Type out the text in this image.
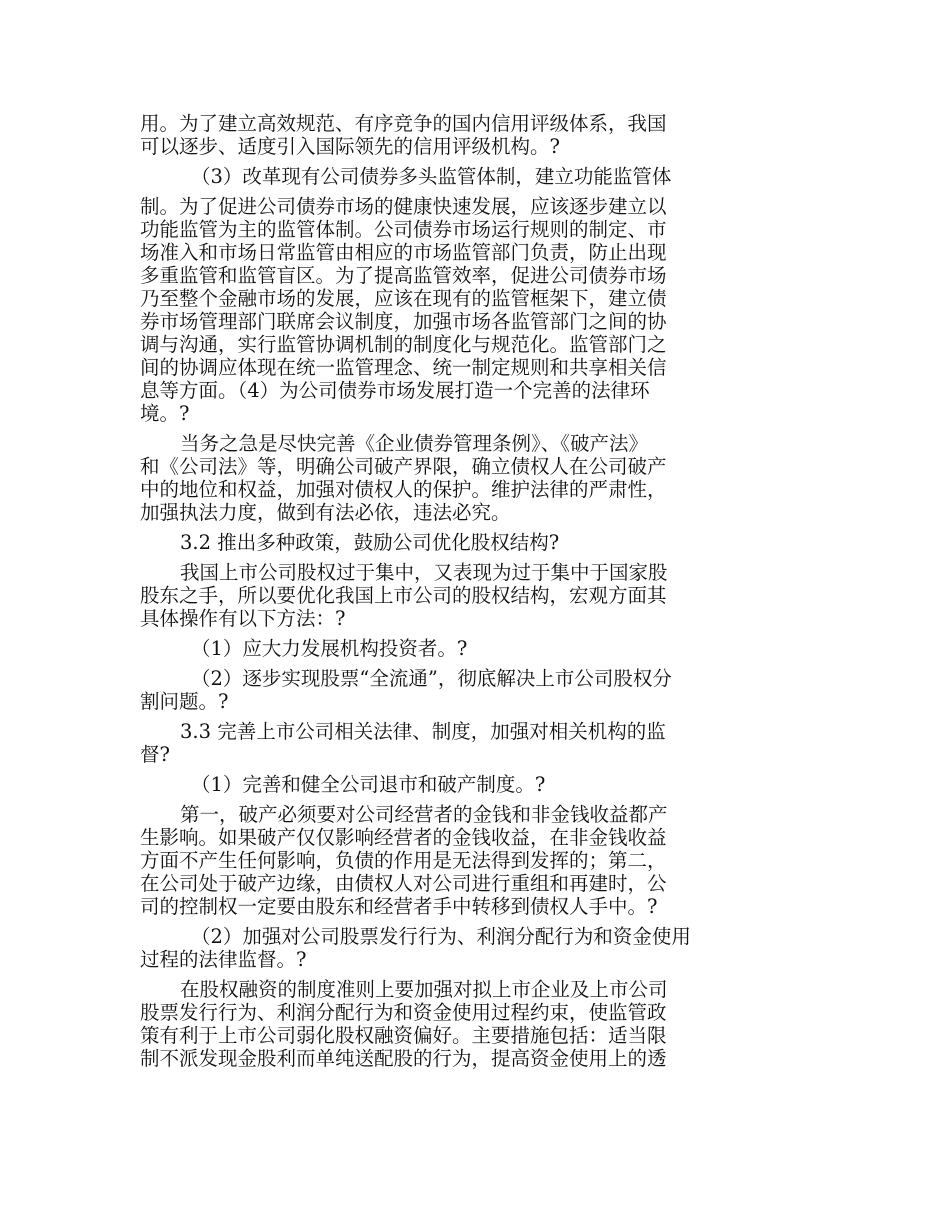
用。为了建立高效规范、有序竞争的国内信用评级体系，我国
可以逐步、适度引入国际领先的信用评级机构。?

（3）改革现有公司债券多头监管体制，建立功能监管体

制。为了促进公司债券市场的健康快速发展，应该逐步建立以
功能监管为主的监管体制。公司债券市场运行规则的制定、市
场准入和市场日常监管由相应的市场监管部门负责，防止出现
多重监管和监管盲区。为了提高监管效率，促进公司债券市场
乃至整个金融市场的发展，应该在现有的监管框架下，建立债
券市场管理部门联席会议制度，加强市场各监管部门之间的协
调与沟通，实行监管协调机制的制度化与规范化。监管部门之
间的协调应体现在统一监管理念、统一制定规则和共享相关信
息等方面。（4）为公司债券市场发展打造一个完善的法律环
境。?

当务之急是尽快完善《企业债券管理条例》、《破产法》
和《公司法》等，明确公司破产界限，确立债权人在公司破产
中的地位和权益，加强对债权人的保护。维护法律的严肃性，
加强执法力度，做到有法必依，违法必究。

3.2 推出多种政策，鼓励公司优化股权结构?

我国上市公司股权过于集中，又表现为过于集中于国家股
股东之手，所以要优化我国上市公司的股权结构，宏观方面其
具体操作有以下方法：?

（1）应大力发展机构投资者。?

（2）逐步实现股票“全流通”，彻底解决上市公司股权分
割问题。?

3.3 完善上市公司相关法律、制度，加强对相关机构的监
督?

（1）完善和健全公司退市和破产制度。?

第一，破产必须要对公司经营者的金钱和非金钱收益都产
生影响。如果破产仅仅影响经营者的金钱收益，在非金钱收益
方面不产生任何影响，负债的作用是无法得到发挥的；第二，
在公司处于破产边缘，由债权人对公司进行重组和再建时，公
司的控制权一定要由股东和经营者手中转移到债权人手中。?

（2）加强对公司股票发行行为、利润分配行为和资金使用
过程的法律监督。?

在股权融资的制度准则上要加强对拟上市企业及上市公司
股票发行行为、利润分配行为和资金使用过程约束，使监管政
策有利于上市公司弱化股权融资偏好。主要措施包括：适当限
制不派发现金股利而单纯送配股的行为，提高资金使用上的透
